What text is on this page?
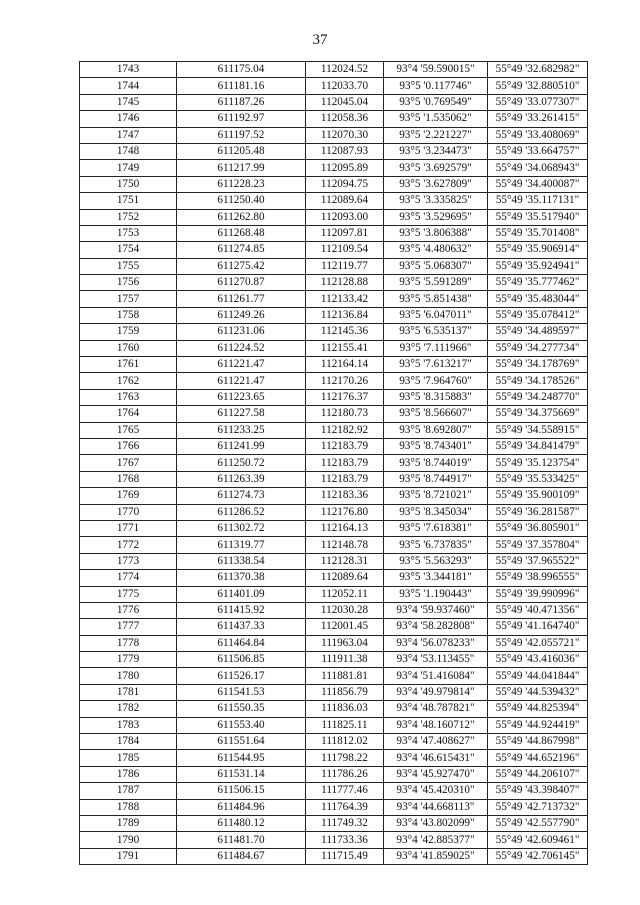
37
1743	611175.04	112024.52	93°4 '59.590015"	55°49 '32.682982"
1744	611181.16	112033.70	93°5 '0.117746"	55°49 '32.880510"
1745	611187.26	112045.04	93°5 '0.769549"	55°49 '33.077307"
1746	611192.97	112058.36	93°5 '1.535062"	55°49 '33.261415"
1747	611197.52	112070.30	93°5 '2.221227"	55°49 '33.408069"
1748	611205.48	112087.93	93°5 '3.234473"	55°49 '33.664757"
1749	611217.99	112095.89	93°5 '3.692579"	55°49 '34.068943"
1750	611228.23	112094.75	93°5 '3.627809"	55°49 '34.400087"
1751	611250.40	112089.64	93°5 '3.335825"	55°49 '35.117131"
1752	611262.80	112093.00	93°5 '3.529695"	55°49 '35.517940"
1753	611268.48	112097.81	93°5 '3.806388"	55°49 '35.701408"
1754	611274.85	112109.54	93°5 '4.480632"	55°49 '35.906914"
1755	611275.42	112119.77	93°5 '5.068307"	55°49 '35.924941"
1756	611270.87	112128.88	93°5 '5.591289"	55°49 '35.777462"
1757	611261.77	112133.42	93°5 '5.851438"	55°49 '35.483044"
1758	611249.26	112136.84	93°5 '6.047011"	55°49 '35.078412"
1759	611231.06	112145.36	93°5 '6.535137"	55°49 '34.489597"
1760	611224.52	112155.41	93°5 '7.111966"	55°49 '34.277734"
1761	611221.47	112164.14	93°5 '7.613217"	55°49 '34.178769"
1762	611221.47	112170.26	93°5 '7.964760"	55°49 '34.178526"
1763	611223.65	112176.37	93°5 '8.315883"	55°49 '34.248770"
1764	611227.58	112180.73	93°5 '8.566607"	55°49 '34.375669"
1765	611233.25	112182.92	93°5 '8.692807"	55°49 '34.558915"
1766	611241.99	112183.79	93°5 '8.743401"	55°49 '34.841479"
1767	611250.72	112183.79	93°5 '8.744019"	55°49 '35.123754"
1768	611263.39	112183.79	93°5 '8.744917"	55°49 '35.533425"
1769	611274.73	112183.36	93°5 '8.721021"	55°49 '35.900109"
1770	611286.52	112176.80	93°5 '8.345034"	55°49 '36.281587"
1771	611302.72	112164.13	93°5 '7.618381"	55°49 '36.805901"
1772	611319.77	112148.78	93°5 '6.737835"	55°49 '37.357804"
1773	611338.54	112128.31	93°5 '5.563293"	55°49 '37.965522"
1774	611370.38	112089.64	93°5 '3.344181"	55°49 '38.996555"
1775	611401.09	112052.11	93°5 '1.190443"	55°49 '39.990996"
1776	611415.92	112030.28	93°4 '59.937460"	55°49 '40.471356"
1777	611437.33	112001.45	93°4 '58.282808"	55°49 '41.164740"
1778	611464.84	111963.04	93°4 '56.078233"	55°49 '42.055721"
1779	611506.85	111911.38	93°4 '53.113455"	55°49 '43.416036"
1780	611526.17	111881.81	93°4 '51.416084"	55°49 '44.041844"
1781	611541.53	111856.79	93°4 '49.979814"	55°49 '44.539432"
1782	611550.35	111836.03	93°4 '48.787821"	55°49 '44.825394"
1783	611553.40	111825.11	93°4 '48.160712"	55°49 '44.924419"
1784	611551.64	111812.02	93°4 '47.408627"	55°49 '44.867998"
1785	611544.95	111798.22	93°4 '46.615431"	55°49 '44.652196"
1786	611531.14	111786.26	93°4 '45.927470"	55°49 '44.206107"
1787	611506.15	111777.46	93°4 '45.420310"	55°49 '43.398407"
1788	611484.96	111764.39	93°4 '44.668113"	55°49 '42.713732"
1789	611480.12	111749.32	93°4 '43.802099"	55°49 '42.557790"
1790	611481.70	111733.36	93°4 '42.885377"	55°49 '42.609461"
1791	611484.67	111715.49	93°4 '41.859025"	55°49 '42.706145"
